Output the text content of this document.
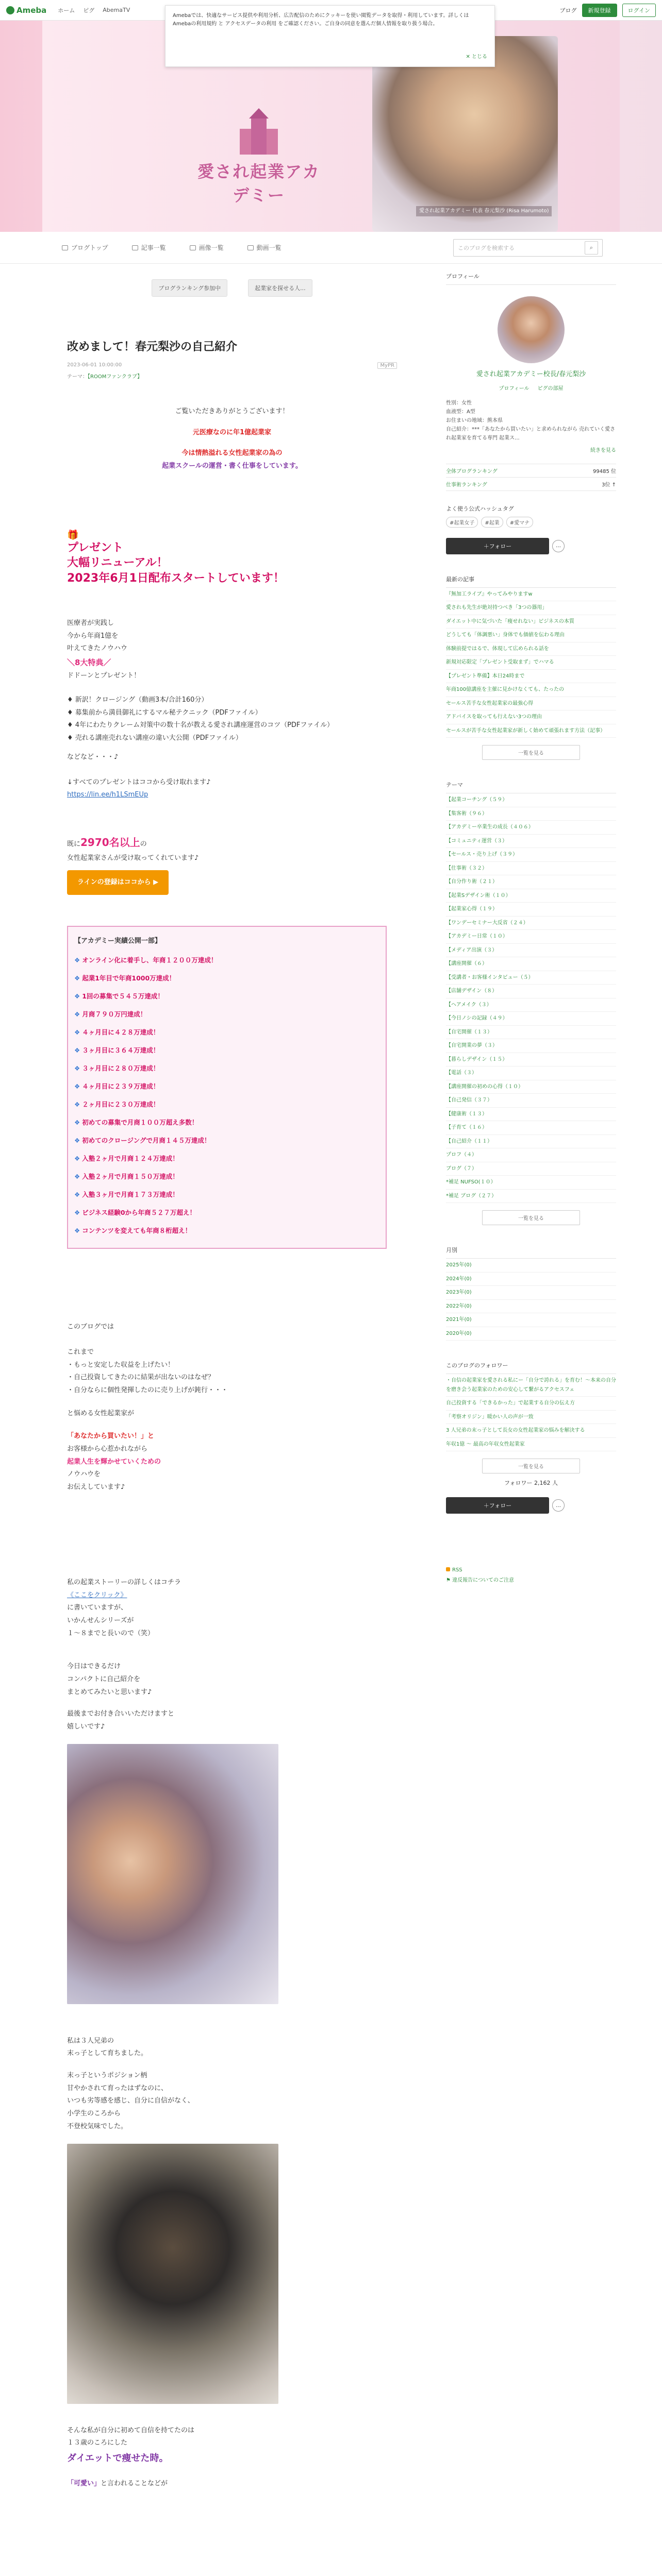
Ameba ホーム ピグ AbemaTV	ブログ	新規登録	ログイン
Amebaでは、快適なサービス提供や利用分析、広告配信のためにクッキーを使い閲覧データを取得・利用しています。詳しくは Amebaの利用規約 と アクセスデータの利用 をご確認ください。ご自身の同意を選んだ個人情報を取り扱う場合。
✕ とじる
愛され起業アカデミー
愛され起業アカデミー 代表 春元梨沙 (Risa Harumoto)
ブログトップ	記事一覧	画像一覧	動画一覧	このブログを検索する	⌕
ブログランキング参加中	起業家を探せる人...
改めまして！春元梨沙の自己紹介
2023-06-01 10:00:00	MyPR
テーマ：【ROOMファンクラブ】
ご覧いただきありがとうございます！
元医療なのに年1億起業家
今は情熱溢れる女性起業家の為の
起業スクールの運営・書く仕事をしています。
🎁
プレゼント
大幅リニューアル！
2023年6月1日配布スタートしています！
医療者が実践し
今から年商1億を
叶えてきたノウハウ
＼8大特典／
ドドーンとプレゼント！
♦ 新訳！クロージング（動画3本/合計160分）
♦ 募集前から満員御礼にするマル秘テクニック（PDFファイル）
♦ 4年にわたりクレーム対策中の数十名が教える愛され講座運営のコツ（PDFファイル）
♦ 売れる講座売れない講座の違い大公開（PDFファイル）
などなど・・・♪
↓すべてのプレゼントはココから受け取れます♪
https://lin.ee/h1LSmEUp
既に2970名以上の
女性起業家さんが受け取ってくれています♪
ラインの登録はココから ▶
【アカデミー実績公開一部】
❖ オンライン化に着手し、年商１２００万達成！
❖ 起業1年目で年商1000万達成！
❖ 1回の募集で５４５万達成！
❖ 月商７９０万円達成！
❖ ４ヶ月目に４２８万達成！
❖ ３ヶ月目に３６４万達成！
❖ ３ヶ月目に２８０万達成！
❖ ４ヶ月目に２３９万達成！
❖ ２ヶ月目に２３０万達成！
❖ 初めての募集で月商１００万超え多数！
❖ 初めてのクロージングで月商１４５万達成！
❖ 入塾２ヶ月で月商１２４万達成！
❖ 入塾２ヶ月で月商１５０万達成！
❖ 入塾３ヶ月で月商１７３万達成！
❖ ビジネス経験0から年商５２７万超え！
❖ コンテンツを変えても年商８桁超え！
このブログでは
これまで
・もっと安定した収益を上げたい！
・自己投資してきたのに結果が出ないのはなぜ？
・自分ならに個性発揮したのに売り上げが鈍行・・・
と悩める女性起業家が
「あなたから買いたい！」と
お客様から心惹かれながら
起業人生を輝かせていくための
ノウハウを
お伝えしています♪
私の起業ストーリーの詳しくはコチラ
《ここをクリック》
に書いていますが、
いかんせんシリーズが
１～８までと長いので（笑）
今日はできるだけ
コンパクトに自己紹介を
まとめてみたいと思います♪
最後までお付き合いいただけますと
嬉しいです♪
私は３人兄弟の
末っ子として育ちました。
末っ子というポジション柄
甘やかされて育ったはずなのに、
いつも劣等感を感じ、自分に自信がなく、
小学生のころから
不登校気味でした。
そんな私が自分に初めて自信を持てたのは
１３歳のころにした
ダイエットで痩せた時。
「可愛い」と言われることなどが
プロフィール
愛され起業アカデミー校長/春元梨沙
プロフィール ピグの部屋
性別：女性
血液型：A型
お住まいの地域：熊本県
自己紹介：***「あなたから買いたい」と求められながら 売れていく愛され起業家を育てる専門 起業ス...
続きを見る
全体ブログランキング	99485 位
仕事術ランキング	3位 ↑
よく使う公式ハッシュタグ
#起業女子	#起業	#愛マナ
＋フォロー	…
最新の記事
『無加工ライブ』やってみやりますw
愛されも先生が絶対持つべき「3つの器用」
ダイエット中に気づいた「痩せれない」ビジネスの本質
どうしても「体調悪い」身体でも価値を伝わる理由
体験前提ではるで、体現して広められる話を
新規対応限定「プレゼント受取まず」でハマる
【プレゼント準備】本日24時まで
年商100億講座を主催に見かけなくても、たったの
セールス苦手な女性起業家の最強心得
アドバイスを取っても行えない3つの理由
セールスが苦手な女性起業家が新しく始めて頑張れます方法（記事）
一覧を見る
テーマ
【起業コーチング（５９）
【集客術（９６）
【アカデミー卒業生の成長（４０６）
【コミュニティ運営（３）
【セールス・売り上げ（３９）
【仕事術（３２）
【自分作り術（２１）
【起業Sデザイン術（１０）
【起業家心得（１９）
【ワンデーセミナー大反省（２４）
【アカデミー日常（１０）
【メディア出演（３）
【講座開催（６）
【受講者・お客様インタビュー（５）
【店舗デザイン（８）
【ヘアメイク（３）
【今日ノシの記録（４９）
【自宅開催（１３）
【自宅開業の夢（３）
【暮らしデザイン（１５）
【電話（３）
【講座開催の初めの心得（１０）
【自己発信（３７）
【健康術（１３）
【子育て（１６）
【自己紹介（１１）
プロフ（４）
ブログ（７）
*補足 NUFSO(１０）
*補足 ブログ（２７）
一覧を見る
月別
2025年(0)
2024年(0)
2023年(0)
2022年(0)
2021年(0)
2020年(0)
このブログのフォロワー
・自信の起業家を愛される私にー「自分で誇れる」を育む！～本来の自分を磨き会う起業家のための安心して繋がるアクセスフェ
自己投資する「できるかった」で起業する自分の伝え方
「考察オリジン」暖かい人の声が一致
3 人兄弟の末っ子として長女の女性起業家の悩みを解決する
年収1億 ～ 最高の年収女性起業家
一覧を見る
フォロワー 2,162 人
＋フォロー	…
RSS
⚑ 違反報告についてのご注意
